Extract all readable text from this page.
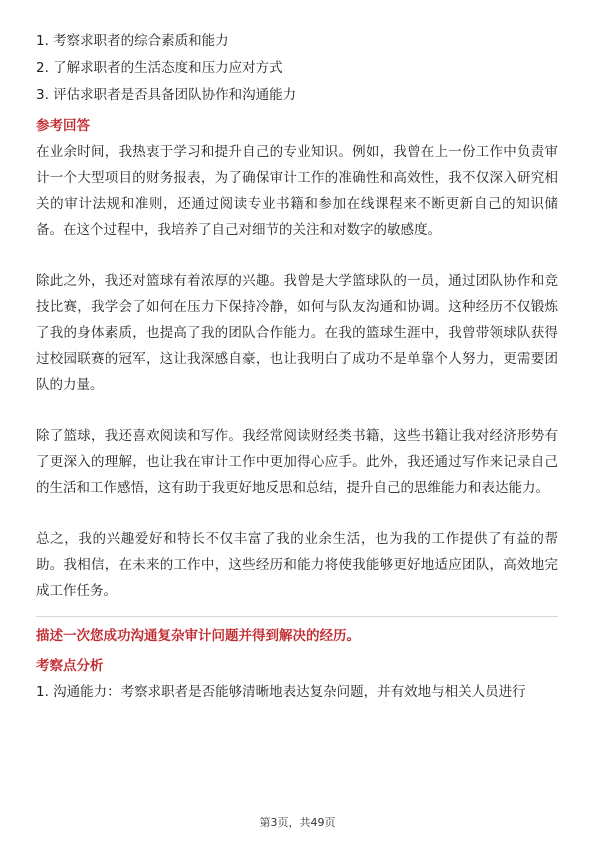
1. 考察求职者的综合素质和能力
2. 了解求职者的生活态度和压力应对方式
3. 评估求职者是否具备团队协作和沟通能力
参考回答

在业余时间，我热衷于学习和提升自己的专业知识。例如，我曾在上一份工作中负责审计一个大型项目的财务报表，为了确保审计工作的准确性和高效性，我不仅深入研究相关的审计法规和准则，还通过阅读专业书籍和参加在线课程来不断更新自己的知识储备。在这个过程中，我培养了自己对细节的关注和对数字的敏感度。

除此之外，我还对篮球有着浓厚的兴趣。我曾是大学篮球队的一员，通过团队协作和竞技比赛，我学会了如何在压力下保持冷静，如何与队友沟通和协调。这种经历不仅锻炼了我的身体素质，也提高了我的团队合作能力。在我的篮球生涯中，我曾带领球队获得过校园联赛的冠军，这让我深感自豪，也让我明白了成功不是单靠个人努力，更需要团队的力量。

除了篮球，我还喜欢阅读和写作。我经常阅读财经类书籍，这些书籍让我对经济形势有了更深入的理解，也让我在审计工作中更加得心应手。此外，我还通过写作来记录自己的生活和工作感悟，这有助于我更好地反思和总结，提升自己的思维能力和表达能力。

总之，我的兴趣爱好和特长不仅丰富了我的业余生活，也为我的工作提供了有益的帮助。我相信，在未来的工作中，这些经历和能力将使我能够更好地适应团队，高效地完成工作任务。

描述一次您成功沟通复杂审计问题并得到解决的经历。
考察点分析
1. 沟通能力：考察求职者是否能够清晰地表达复杂问题，并有效地与相关人员进行
第3页，共49页
